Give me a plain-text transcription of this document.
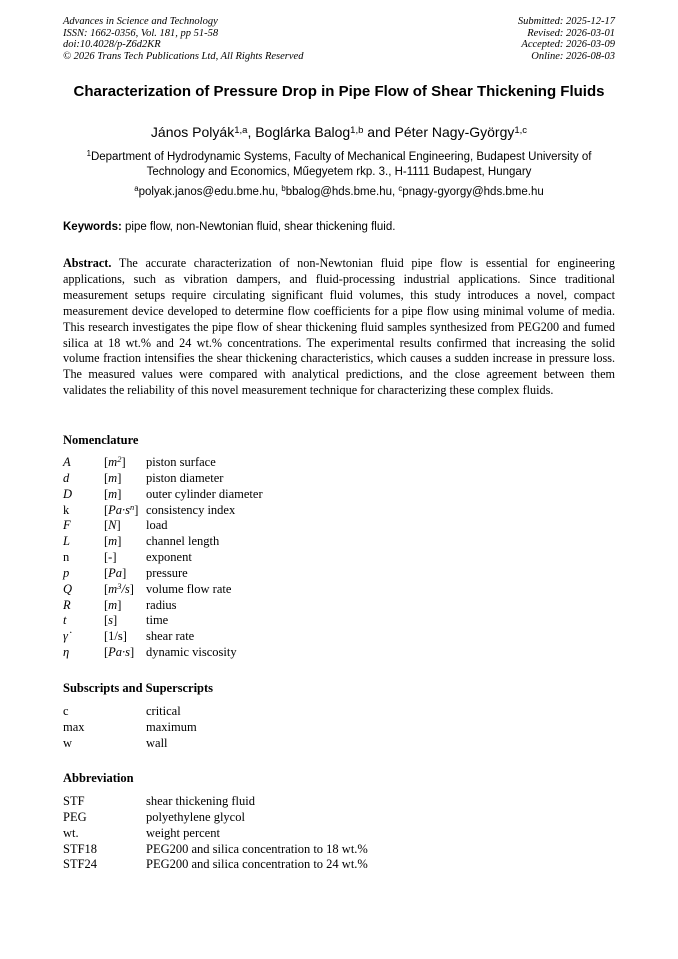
Advances in Science and Technology
ISSN: 1662-0356, Vol. 181, pp 51-58
doi:10.4028/p-Z6d2KR
© 2026 Trans Tech Publications Ltd, All Rights Reserved
Submitted: 2025-12-17
Revised: 2026-03-01
Accepted: 2026-03-09
Online: 2026-08-03
Characterization of Pressure Drop in Pipe Flow of Shear Thickening Fluids
János Polyák$^{1,a}$, Boglárka Balog$^{1,b}$ and Péter Nagy-György$^{1,c}$
$^1$Department of Hydrodynamic Systems, Faculty of Mechanical Engineering, Budapest University of Technology and Economics, Műegyetem rkp. 3., H-1111 Budapest, Hungary
$^a$polyak.janos@edu.bme.hu, $^b$bbalog@hds.bme.hu, $^c$pnagy-gyorgy@hds.bme.hu
Keywords: pipe flow, non-Newtonian fluid, shear thickening fluid.
Abstract. The accurate characterization of non-Newtonian fluid pipe flow is essential for engineering applications, such as vibration dampers, and fluid-processing industrial applications. Since traditional measurement setups require circulating significant fluid volumes, this study introduces a novel, compact measurement device developed to determine flow coefficients for a pipe flow using minimal volume of media. This research investigates the pipe flow of shear thickening fluid samples synthesized from PEG200 and fumed silica at 18 wt.% and 24 wt.% concentrations. The experimental results confirmed that increasing the solid volume fraction intensifies the shear thickening characteristics, which causes a sudden increase in pressure loss. The measured values were compared with analytical predictions, and the close agreement between them validates the reliability of this novel measurement technique for characterizing these complex fluids.
Nomenclature
A	$[m^2]$ piston surface
d	[m] piston diameter
D	[m] outer cylinder diameter
k	$[Pa\cdot s^n]$ consistency index
F	[N] load
L	[m] channel length
n	[-] exponent
p	[Pa] pressure
Q	$[m^3/s]$ volume flow rate
R	[m] radius
t	[s] time
γ̇	[1/s] shear rate
η	[Pa·s] dynamic viscosity
Subscripts and Superscripts
c	critical
max	maximum
w	wall
Abbreviation
STF	shear thickening fluid
PEG	polyethylene glycol
wt.	weight percent
STF18	PEG200 and silica concentration to 18 wt.%
STF24	PEG200 and silica concentration to 24 wt.%
